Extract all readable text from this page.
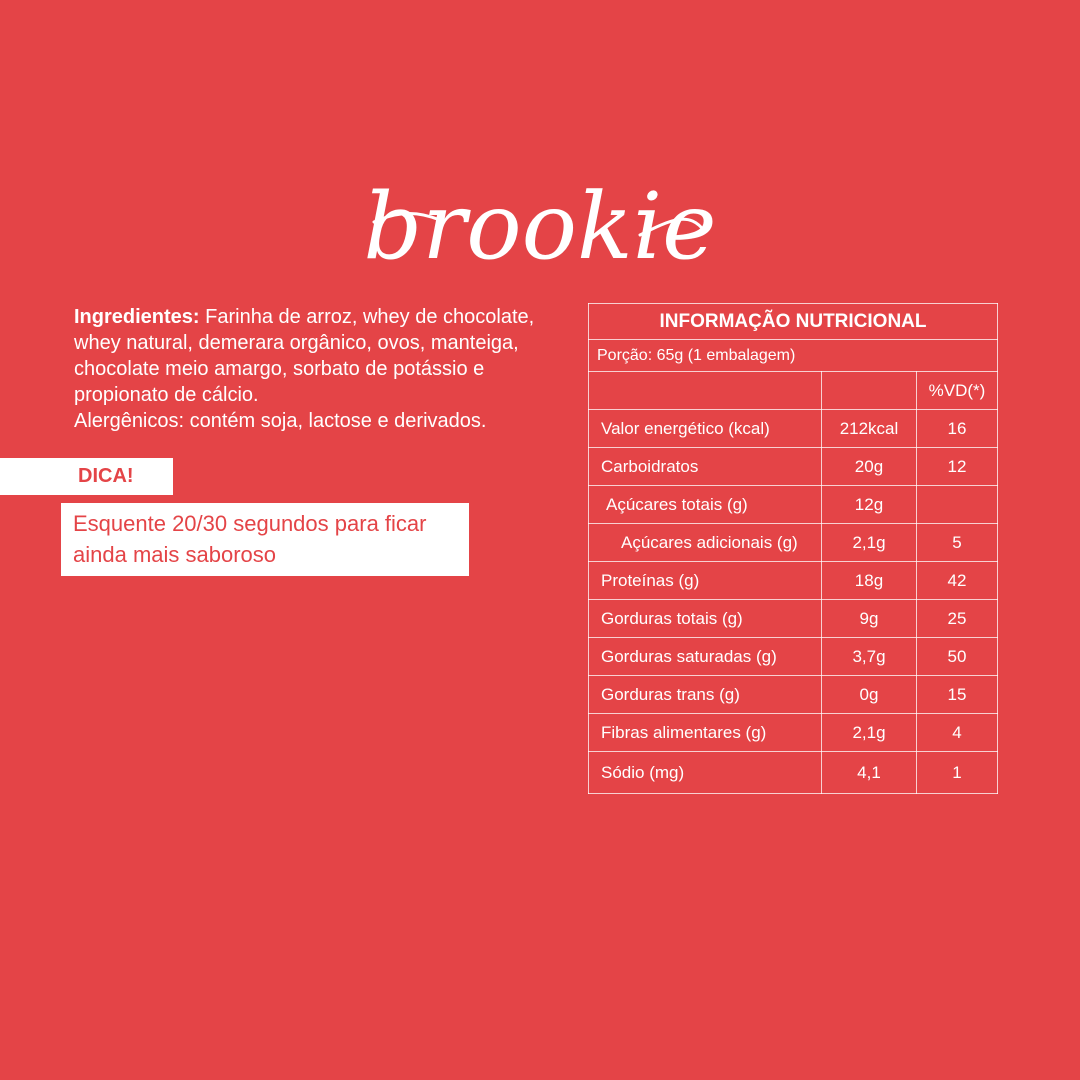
brookie
Ingredientes: Farinha de arroz, whey de chocolate, whey natural, demerara orgânico, ovos, manteiga, chocolate meio amargo, sorbato de potássio e propionato de cálcio.
Alergênicos: contém soja, lactose e derivados.
DICA!
Esquente 20/30 segundos para ficar ainda mais saboroso
INFORMAÇÃO NUTRICIONAL		
Porção: 65g (1 embalagem)		
		%VD(*)
Valor energético (kcal)	212kcal	16
Carboidratos	20g	12
Açúcares totais (g)	12g	
Açúcares adicionais (g)	2,1g	5
Proteínas (g)	18g	42
Gorduras totais (g)	9g	25
Gorduras saturadas (g)	3,7g	50
Gorduras trans (g)	0g	15
Fibras alimentares (g)	2,1g	4
Sódio (mg)	4,1	1
